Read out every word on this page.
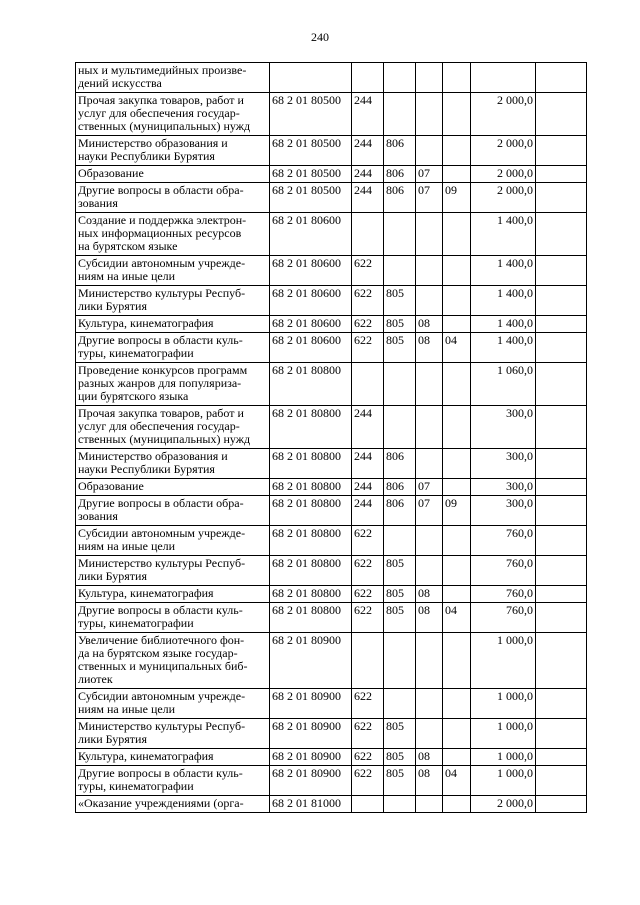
240
ных и мультимедийных произве-
дений искусства							
Прочая закупка товаров, работ и
услуг для обеспечения государ-
ственных (муниципальных) нужд	68 2 01 80500	244				2 000,0	
Министерство образования и
науки Республики Бурятия	68 2 01 80500	244	806			2 000,0	
Образование	68 2 01 80500	244	806	07		2 000,0	
Другие вопросы в области обра-
зования	68 2 01 80500	244	806	07	09	2 000,0	
Создание и поддержка электрон-
ных информационных ресурсов
на бурятском языке	68 2 01 80600					1 400,0	
Субсидии автономным учрежде-
ниям на иные цели	68 2 01 80600	622				1 400,0	
Министерство культуры Респуб-
лики Бурятия	68 2 01 80600	622	805			1 400,0	
Культура, кинематография	68 2 01 80600	622	805	08		1 400,0	
Другие вопросы в области куль-
туры, кинематографии	68 2 01 80600	622	805	08	04	1 400,0	
Проведение конкурсов программ
разных жанров для популяриза-
ции бурятского языка	68 2 01 80800					1 060,0	
Прочая закупка товаров, работ и
услуг для обеспечения государ-
ственных (муниципальных) нужд	68 2 01 80800	244				300,0	
Министерство образования и
науки Республики Бурятия	68 2 01 80800	244	806			300,0	
Образование	68 2 01 80800	244	806	07		300,0	
Другие вопросы в области обра-
зования	68 2 01 80800	244	806	07	09	300,0	
Субсидии автономным учрежде-
ниям на иные цели	68 2 01 80800	622				760,0	
Министерство культуры Респуб-
лики Бурятия	68 2 01 80800	622	805			760,0	
Культура, кинематография	68 2 01 80800	622	805	08		760,0	
Другие вопросы в области куль-
туры, кинематографии	68 2 01 80800	622	805	08	04	760,0	
Увеличение библиотечного фон-
да на бурятском языке государ-
ственных и муниципальных биб-
лиотек	68 2 01 80900					1 000,0	
Субсидии автономным учрежде-
ниям на иные цели	68 2 01 80900	622				1 000,0	
Министерство культуры Респуб-
лики Бурятия	68 2 01 80900	622	805			1 000,0	
Культура, кинематография	68 2 01 80900	622	805	08		1 000,0	
Другие вопросы в области куль-
туры, кинематографии	68 2 01 80900	622	805	08	04	1 000,0	
«Оказание учреждениями (орга-	68 2 01 81000					2 000,0	
